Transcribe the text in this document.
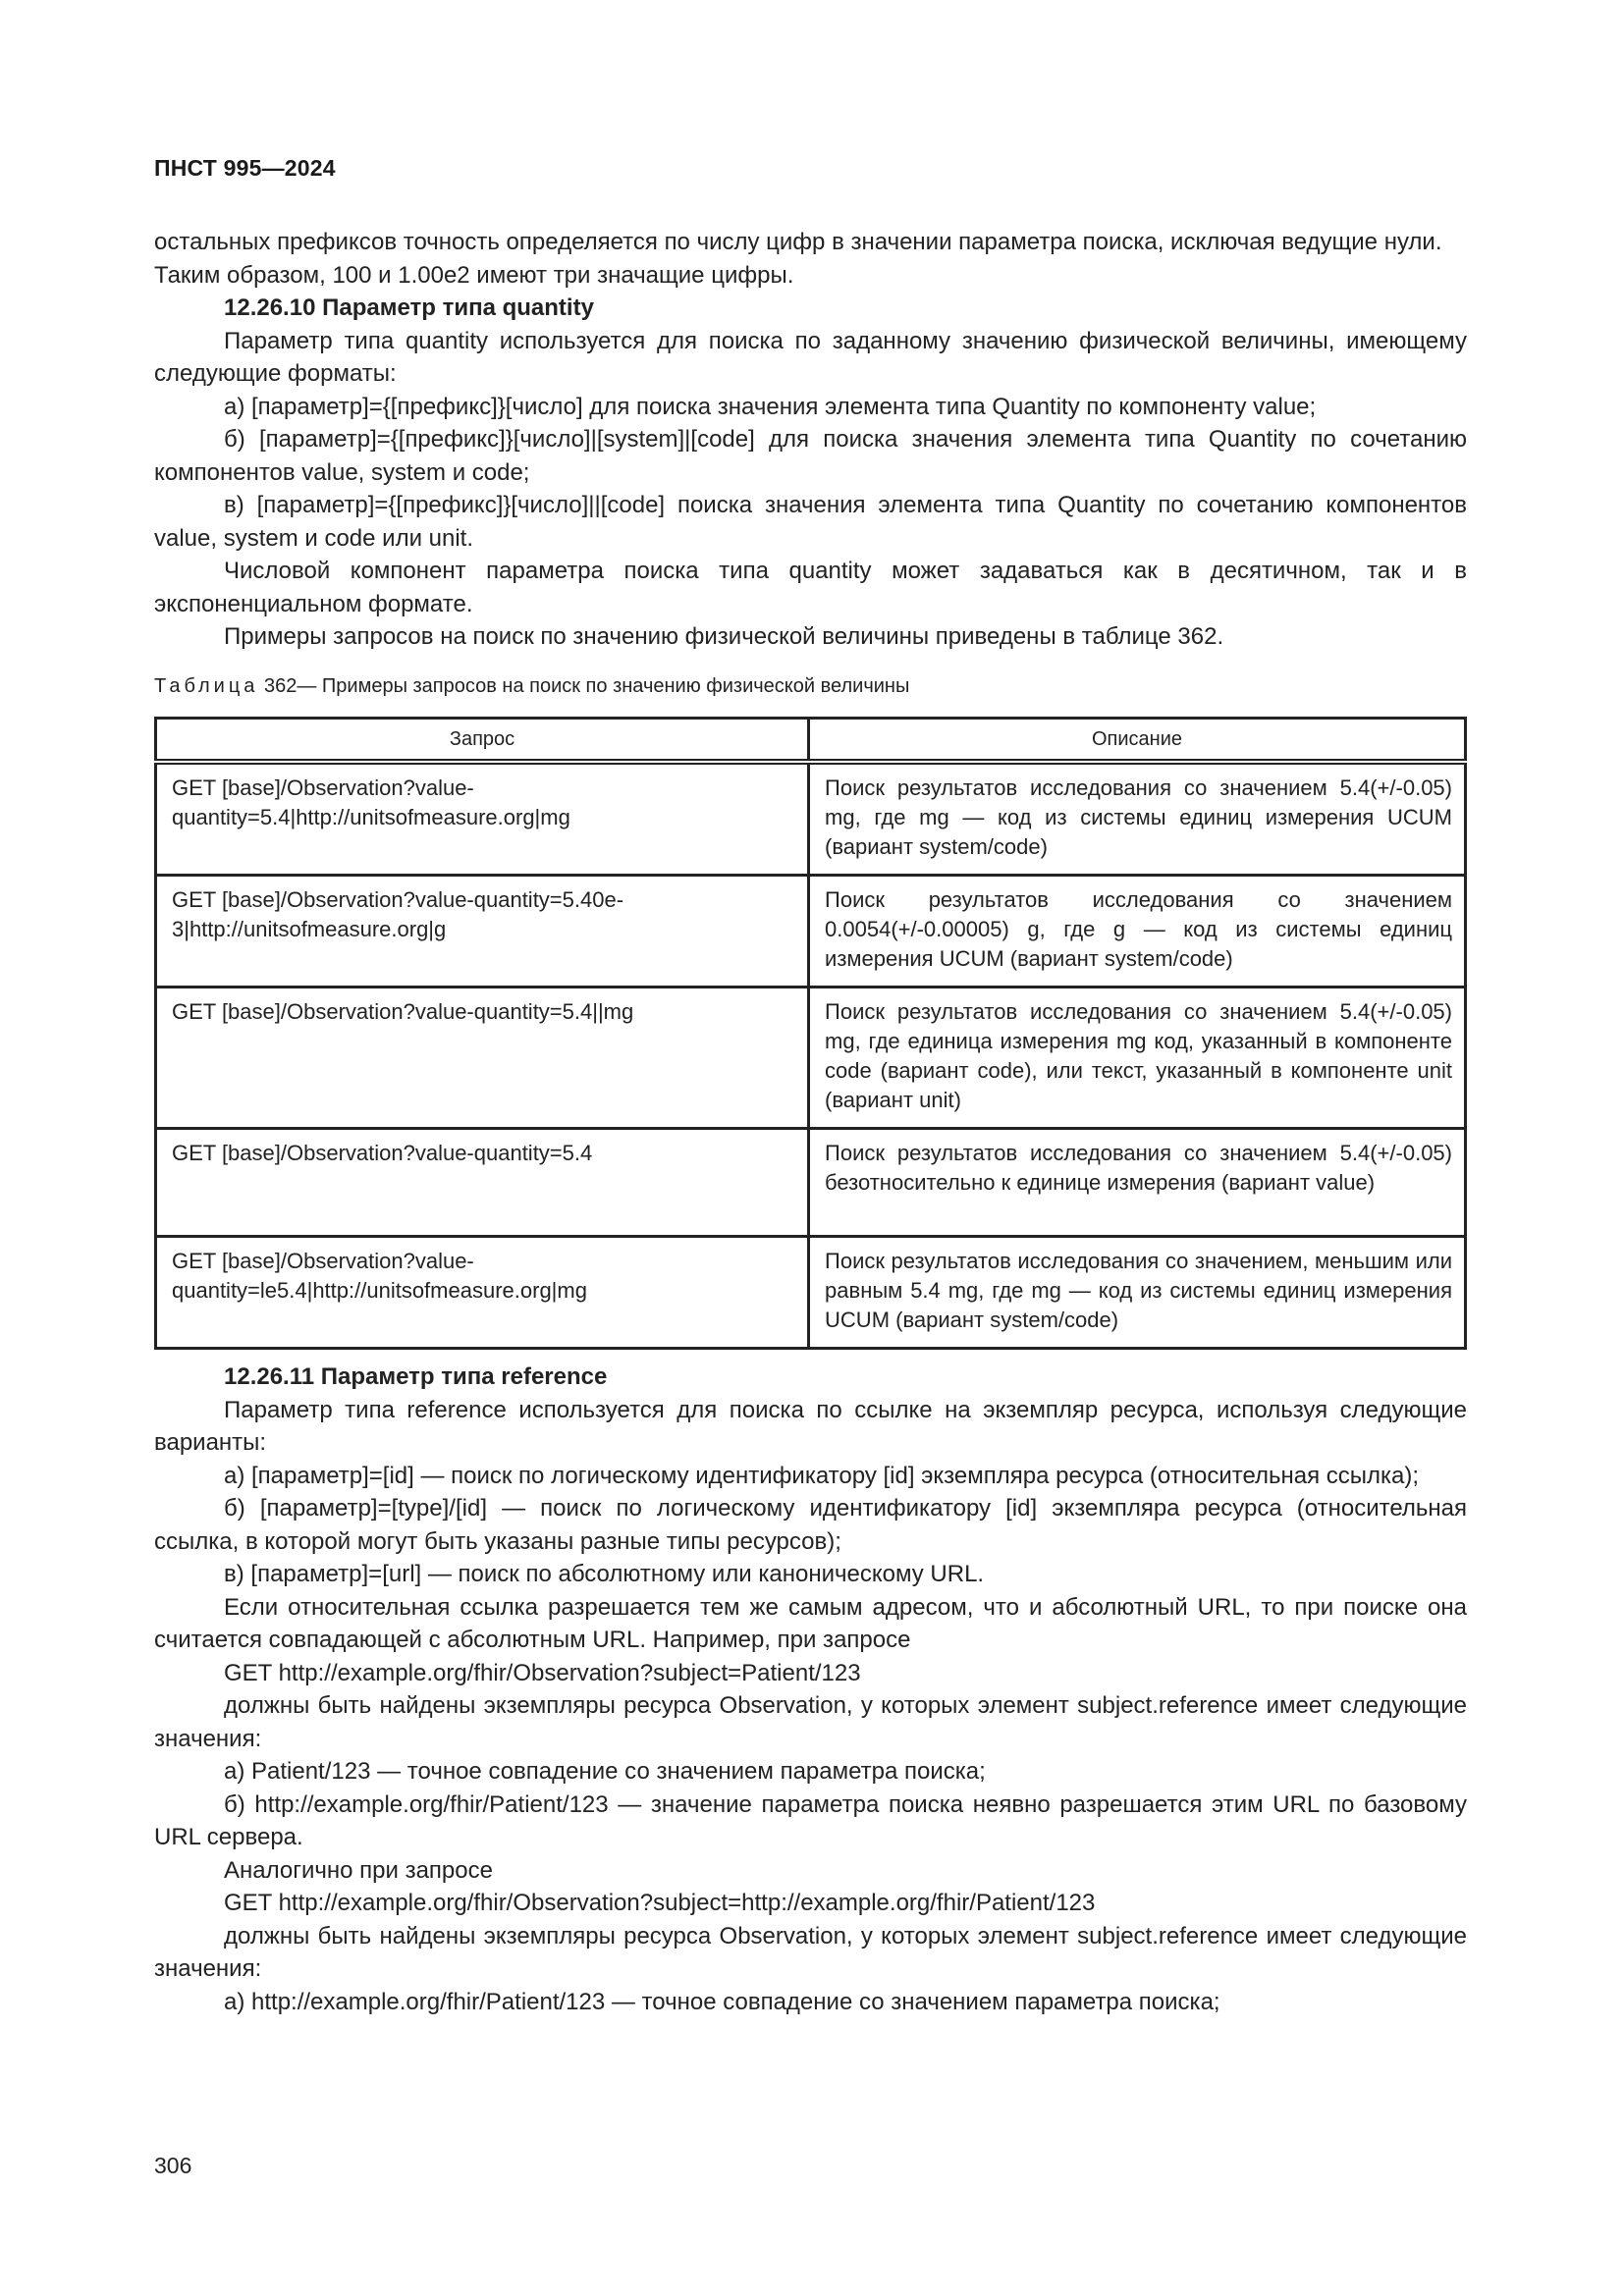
ПНСТ 995—2024

остальных префиксов точность определяется по числу цифр в значении параметра поиска, исключая ведущие нули. Таким образом, 100 и 1.00e2 имеют три значащие цифры.

12.26.10 Параметр типа quantity

Параметр типа quantity используется для поиска по заданному значению физической величины, имеющему следующие форматы:

а) [параметр]={[префикс]}[число] для поиска значения элемента типа Quantity по компоненту value;

б) [параметр]={[префикс]}[число]|[system]|[code] для поиска значения элемента типа Quantity по сочетанию компонентов value, system и code;

в) [параметр]={[префикс]}[число]||[code] поиска значения элемента типа Quantity по сочетанию компонентов value, system и code или unit.

Числовой компонент параметра поиска типа quantity может задаваться как в десятичном, так и в экспоненциальном формате.

Примеры запросов на поиск по значению физической величины приведены в таблице 362.

Таблица 362— Примеры запросов на поиск по значению физической величины
Запрос	Описание
GET [base]/Observation?value-quantity=5.4|http://unitsofmeasure.org|mg	Поиск результатов исследования со значением 5.4(+/-0.05) mg, где mg — код из системы единиц измерения UCUM (вариант system/code)
GET [base]/Observation?value-quantity=5.40e-3|http://unitsofmeasure.org|g	Поиск результатов исследования со значением 0.0054(+/-0.00005) g, где g — код из системы единиц измерения UCUM (вариант system/code)
GET [base]/Observation?value-quantity=5.4||mg	Поиск результатов исследования со значением 5.4(+/-0.05) mg, где единица измерения mg код, указанный в компоненте code (вариант code), или текст, указанный в компоненте unit (вариант unit)
GET [base]/Observation?value-quantity=5.4	Поиск результатов исследования со значением 5.4(+/-0.05) безотносительно к единице измерения (вариант value)
GET [base]/Observation?value-quantity=le5.4|http://unitsofmeasure.org|mg	Поиск результатов исследования со значением, меньшим или равным 5.4 mg, где mg — код из системы единиц измерения UCUM (вариант system/code)

12.26.11 Параметр типа reference

Параметр типа reference используется для поиска по ссылке на экземпляр ресурса, используя следующие варианты:

а) [параметр]=[id] — поиск по логическому идентификатору [id] экземпляра ресурса (относительная ссылка);

б) [параметр]=[type]/[id] — поиск по логическому идентификатору [id] экземпляра ресурса (относительная ссылка, в которой могут быть указаны разные типы ресурсов);

в) [параметр]=[url] — поиск по абсолютному или каноническому URL.

Если относительная ссылка разрешается тем же самым адресом, что и абсолютный URL, то при поиске она считается совпадающей с абсолютным URL. Например, при запросе

GET http://example.org/fhir/Observation?subject=Patient/123

должны быть найдены экземпляры ресурса Observation, у которых элемент subject.reference имеет следующие значения:

а) Patient/123 — точное совпадение со значением параметра поиска;

б) http://example.org/fhir/Patient/123 — значение параметра поиска неявно разрешается этим URL по базовому URL сервера.

Аналогично при запросе

GET http://example.org/fhir/Observation?subject=http://example.org/fhir/Patient/123

должны быть найдены экземпляры ресурса Observation, у которых элемент subject.reference имеет следующие значения:

а) http://example.org/fhir/Patient/123 — точное совпадение со значением параметра поиска;

306
